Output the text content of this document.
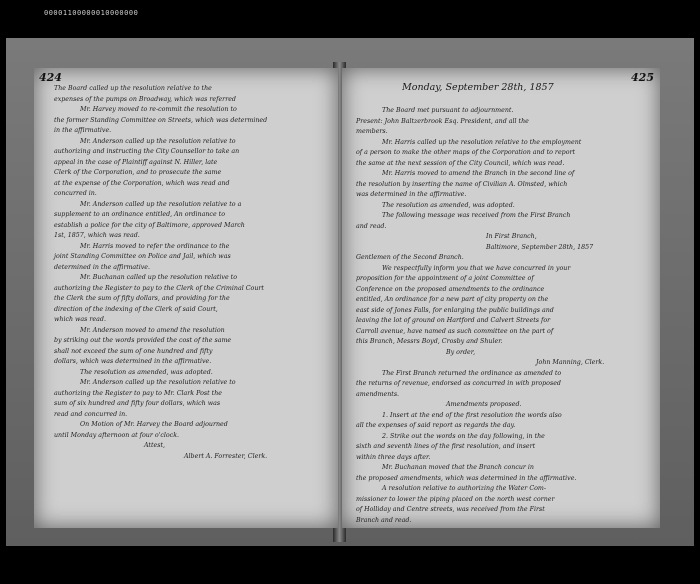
00001100000010000000
424

The Board called up the resolution relative to the

expenses of the pumps on Broadway, which was referred

Mr. Harvey moved to re-commit the resolution to

the former Standing Committee on Streets, which was determined

in the affirmative.

Mr. Anderson called up the resolution relative to

authorizing and instructing the City Counsellor to take an

appeal in the case of Plaintiff against N. Hiller, late

Clerk of the Corporation, and to prosecute the same

at the expense of the Corporation, which was read and

concurred in.

Mr. Anderson called up the resolution relative to a

supplement to an ordinance entitled, An ordinance to

establish a police for the city of Baltimore, approved March

1st, 1857, which was read.

Mr. Harris moved to refer the ordinance to the

joint Standing Committee on Police and Jail, which was

determined in the affirmative.

Mr. Buchanan called up the resolution relative to

authorizing the Register to pay to the Clerk of the Criminal Court

the Clerk the sum of fifty dollars, and providing for the

direction of the indexing of the Clerk of said Court,

which was read.

Mr. Anderson moved to amend the resolution

by striking out the words provided the cost of the same

shall not exceed the sum of one hundred and fifty

dollars, which was determined in the affirmative.

The resolution as amended, was adopted.

Mr. Anderson called up the resolution relative to

authorizing the Register to pay to Mr. Clark Post the

sum of six hundred and fifty four dollars, which was

read and concurred in.

On Motion of Mr. Harvey the Board adjourned

until Monday afternoon at four o'clock.

Attest,

Albert A. Forrester, Clerk.

425
Monday, September 28th, 1857

The Board met pursuant to adjournment.

Present: John Baltzerbrook Esq. President, and all the

members.

Mr. Harris called up the resolution relative to the employment

of a person to make the other maps of the Corporation and to report

the same at the next session of the City Council, which was read.

Mr. Harris moved to amend the Branch in the second line of

the resolution by inserting the name of Civilian A. Olmsted, which

was determined in the affirmative.

The resolution as amended, was adopted.

The following message was received from the First Branch

and read.

In First Branch,

Baltimore, September 28th, 1857

Gentlemen of the Second Branch.

We respectfully inform you that we have concurred in your

proposition for the appointment of a joint Committee of

Conference on the proposed amendments to the ordinance

entitled, An ordinance for a new part of city property on the

east side of Jones Falls, for enlarging the public buildings and

leaving the lot of ground on Hartford and Calvert Streets for

Carroll avenue, have named as such committee on the part of

this Branch, Messrs Boyd, Crosby and Shuler.

By order,

John Manning, Clerk.

The First Branch returned the ordinance as amended to

the returns of revenue, endorsed as concurred in with proposed

amendments.

Amendments proposed.

1. Insert at the end of the first resolution the words also

all the expenses of said report as regards the day.

2. Strike out the words on the day following, in the

sixth and seventh lines of the first resolution, and insert

within three days after.

Mr. Buchanan moved that the Branch concur in

the proposed amendments, which was determined in the affirmative.

A resolution relative to authorizing the Water Com-

missioner to lower the piping placed on the north west corner

of Holliday and Centre streets, was received from the First

Branch and read.
